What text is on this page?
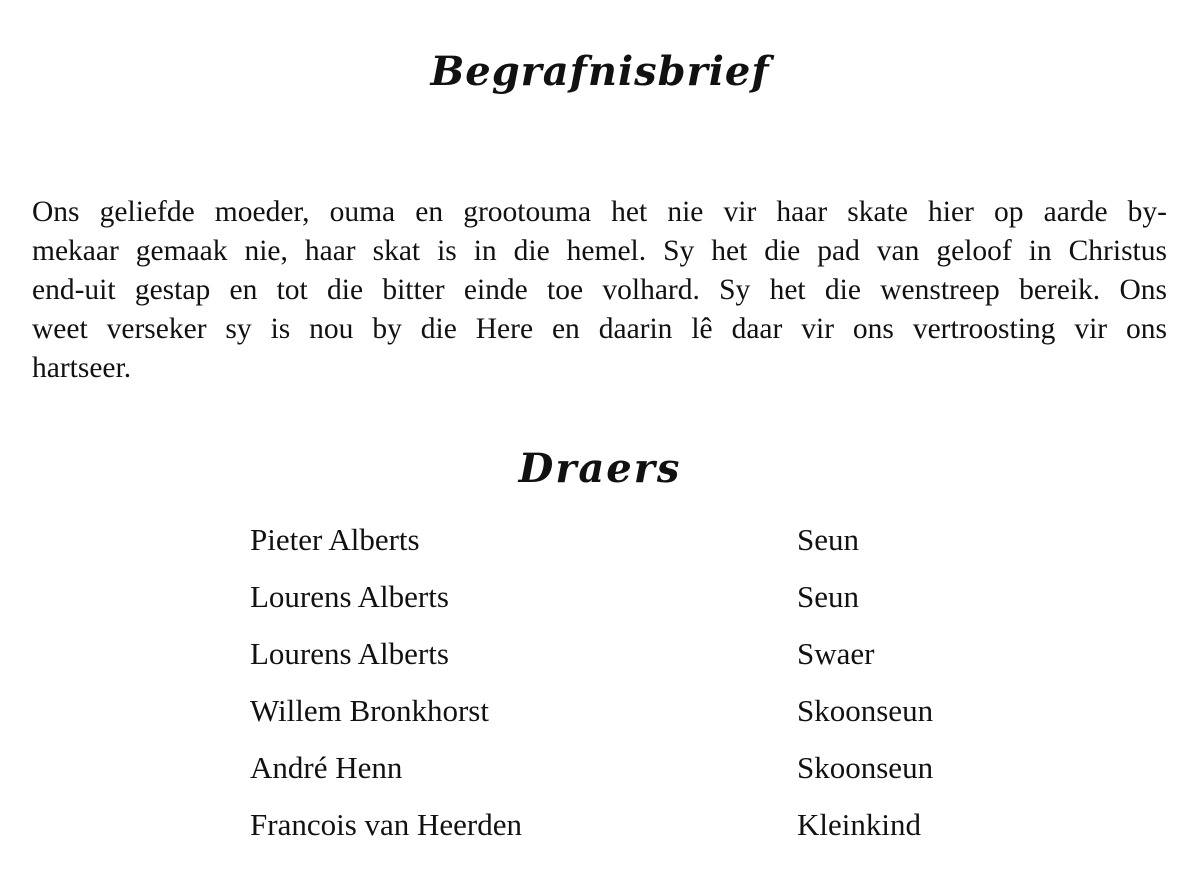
Begrafnisbrief
Ons geliefde moeder, ouma en grootouma het nie vir haar skate hier op aarde by-
mekaar gemaak nie, haar skat is in die hemel. Sy het die pad van geloof in Christus
end-uit gestap en tot die bitter einde toe volhard. Sy het die wenstreep bereik. Ons
weet verseker sy is nou by die Here en daarin lê daar vir ons vertroosting vir ons
hartseer.
Draers
Pieter Alberts	Seun
Lourens Alberts	Seun
Lourens Alberts	Swaer
Willem Bronkhorst	Skoonseun
André Henn	Skoonseun
Francois van Heerden	Kleinkind
